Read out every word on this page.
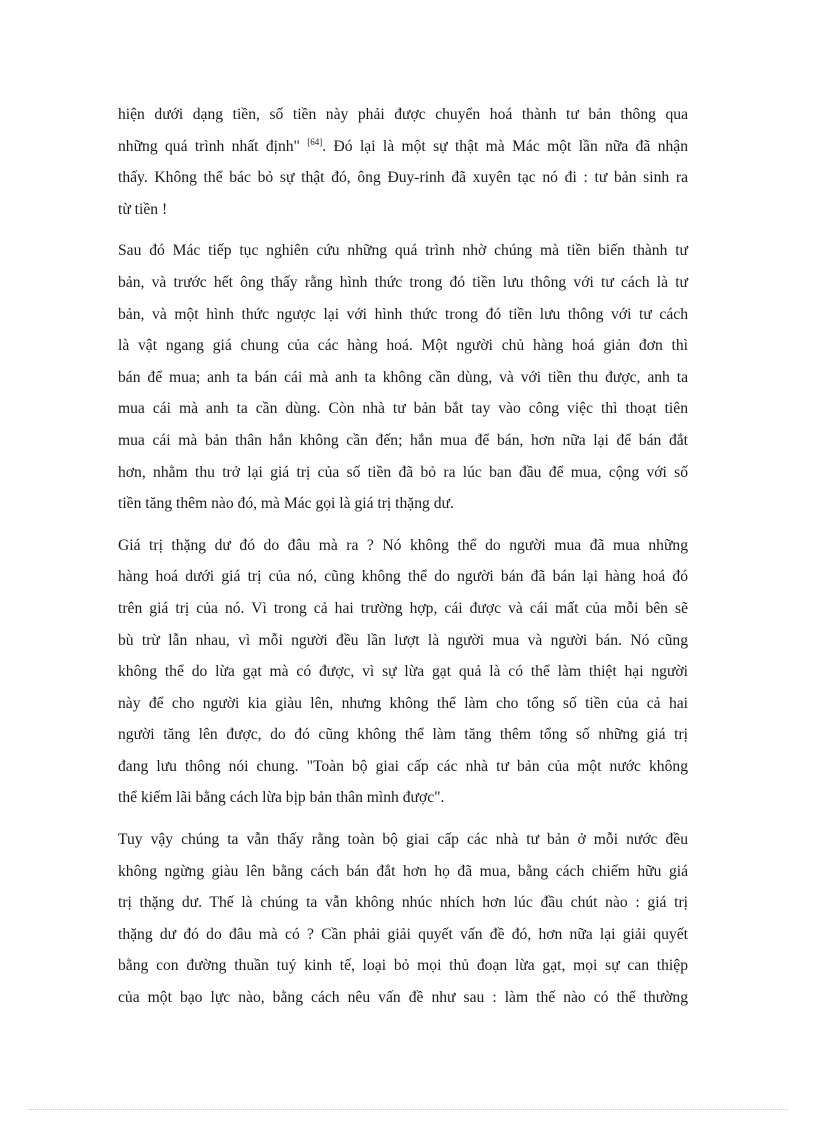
hiện dưới dạng tiền, số tiền này phải được chuyển hoá thành tư bản thông qua
những quá trình nhất định" [64]. Đó lại là một sự thật mà Mác một lần nữa đã nhận
thấy. Không thể bác bỏ sự thật đó, ông Đuy-rinh đã xuyên tạc nó đi : tư bản sinh ra
từ tiền !

Sau đó Mác tiếp tục nghiên cứu những quá trình nhờ chúng mà tiền biến thành tư
bản, và trước hết ông thấy rằng hình thức trong đó tiền lưu thông với tư cách là tư
bản, và một hình thức ngược lại với hình thức trong đó tiền lưu thông với tư cách
là vật ngang giá chung của các hàng hoá. Một người chủ hàng hoá giản đơn thì
bán để mua; anh ta bán cái mà anh ta không cần dùng, và với tiền thu được, anh ta
mua cái mà anh ta cần dùng. Còn nhà tư bản bắt tay vào công việc thì thoạt tiên
mua cái mà bản thân hắn không cần đến; hắn mua để bán, hơn nữa lại để bán đắt
hơn, nhằm thu trở lại giá trị của số tiền đã bỏ ra lúc ban đầu để mua, cộng với số
tiền tăng thêm nào đó, mà Mác gọi là giá trị thặng dư.

Giá trị thặng dư đó do đâu mà ra ? Nó không thể do người mua đã mua những
hàng hoá dưới giá trị của nó, cũng không thể do người bán đã bán lại hàng hoá đó
trên giá trị của nó. Vì trong cả hai trường hợp, cái được và cái mất của mỗi bên sẽ
bù trừ lẫn nhau, vì mỗi người đều lần lượt là người mua và người bán. Nó cũng
không thể do lừa gạt mà có được, vì sự lừa gạt quả là có thể làm thiệt hại người
này để cho người kia giàu lên, nhưng không thể làm cho tổng số tiền của cả hai
người tăng lên được, do đó cũng không thể làm tăng thêm tổng số những giá trị
đang lưu thông nói chung. "Toàn bộ giai cấp các nhà tư bản của một nước không
thể kiếm lãi bằng cách lừa bịp bản thân mình được".

Tuy vậy chúng ta vẫn thấy rằng toàn bộ giai cấp các nhà tư bản ở mỗi nước đều
không ngừng giàu lên bằng cách bán đắt hơn họ đã mua, bằng cách chiếm hữu giá
trị thặng dư. Thế là chúng ta vẫn không nhúc nhích hơn lúc đầu chút nào : giá trị
thặng dư đó do đâu mà có ? Cần phải giải quyết vấn đề đó, hơn nữa lại giải quyết
bằng con đường thuần tuý kinh tế, loại bỏ mọi thủ đoạn lừa gạt, mọi sự can thiệp
của một bạo lực nào, bằng cách nêu vấn đề như sau : làm thế nào có thể thường
